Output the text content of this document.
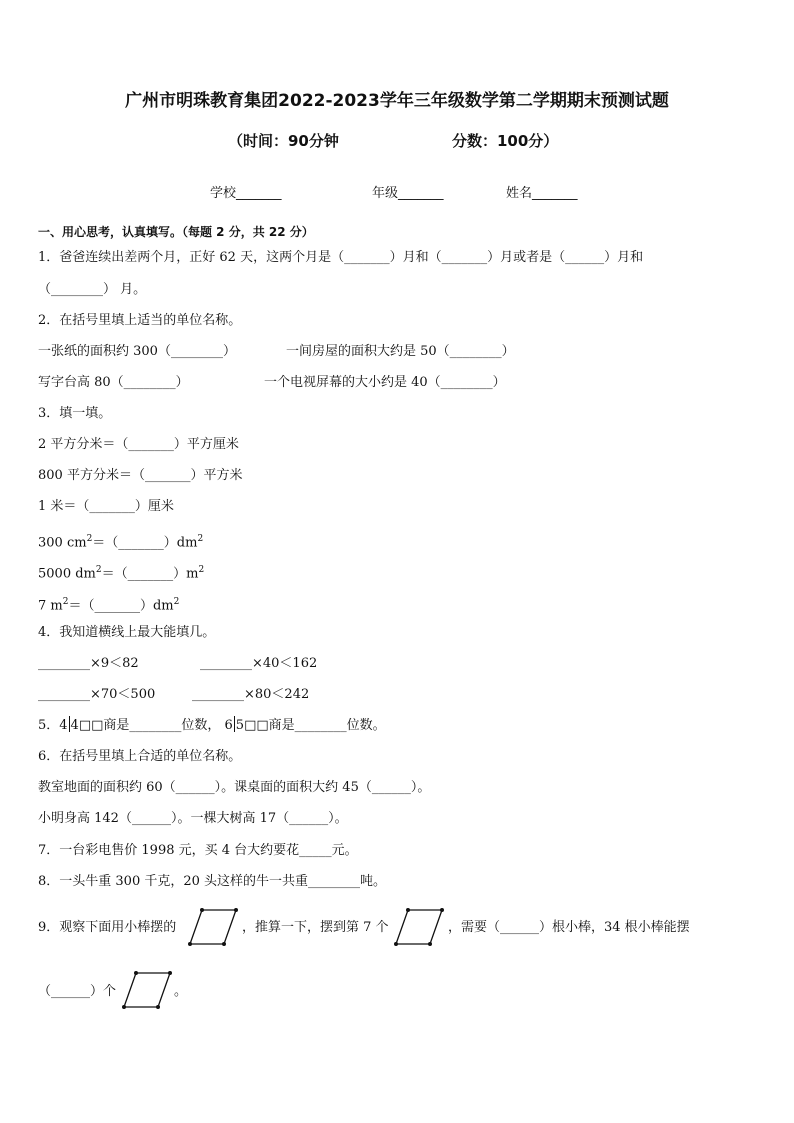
广州市明珠教育集团2022-2023学年三年级数学第二学期期末预测试题
（时间：90分钟	分数：100分）
学校_______	年级_______	姓名_______
一、用心思考，认真填写。（每题 2 分，共 22 分）
1．爸爸连续出差两个月，正好 62 天，这两个月是（_______）月和（_______）月或者是（______）月和
（________） 月。
2．在括号里填上适当的单位名称。
一张纸的面积约 300（________）	一间房屋的面积大约是 50（________）
写字台高 80（________）	一个电视屏幕的大小约是 40（________）
3．填一填。
2 平方分米＝（_______）平方厘米
800 平方分米＝（_______）平方米
1 米＝（_______）厘米
300 $cm^2=(\_\_\_\_\_\_\_)dm^2$
5000 $dm^2=(\_\_\_\_\_\_\_)m^2$
7 $m^2=(\_\_\_\_\_\_\_)dm^2$
4．我知道横线上最大能填几。
________×9＜82	________×40＜162
________×70＜500	________×80＜242
5．4 4□□商是________位数， 6 5□□商是________位数。
6．在括号里填上合适的单位名称。
教室地面的面积约 60（______）。课桌面的面积大约 45（______）。
小明身高 142（______）。一棵大树高 17（______）。
7．一台彩电售价 1998 元，买 4 台大约要花_____元。
8．一头牛重 300 千克，20 头这样的牛一共重________吨。
9．观察下面用小棒摆的	，推算一下，摆到第 7 个	，需要（______）根小棒，34 根小棒能摆
（______）个	。
